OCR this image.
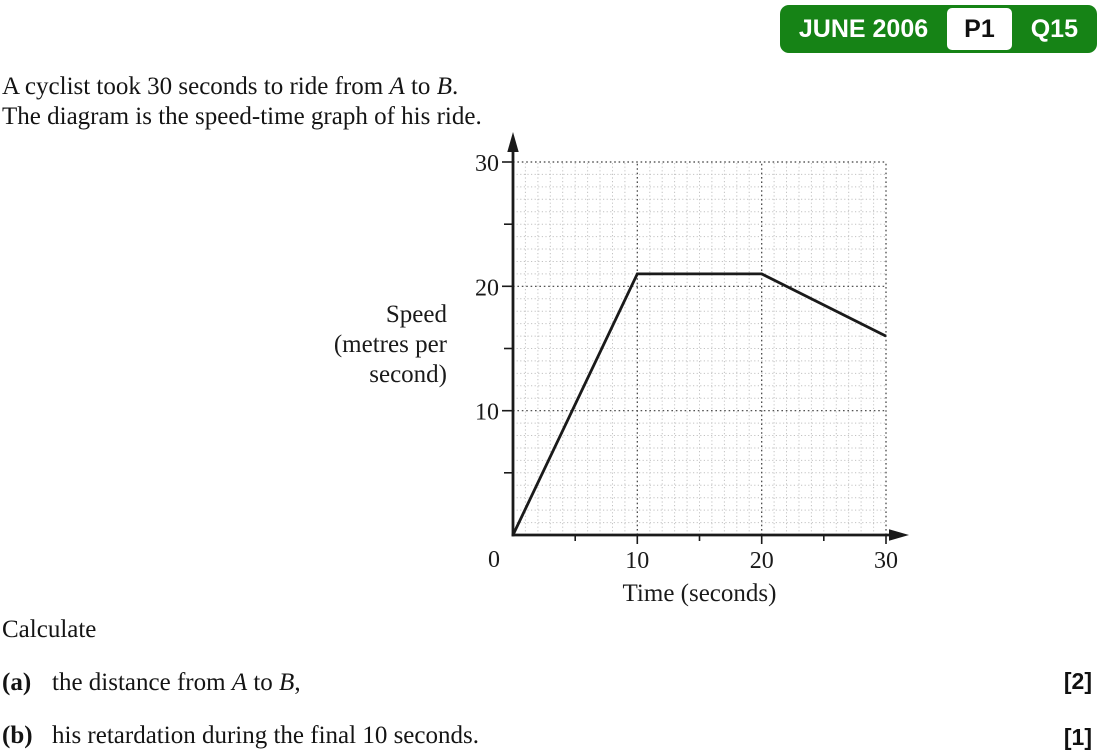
10
20
30
10	20	30
0
Time (seconds)
Speed
(metres per
second)
JUNE 2006	P1	Q15
A cyclist took 30 seconds to ride from A to B.
The diagram is the speed-time graph of his ride.
Calculate
(a) the distance from A to B,	[2]
(b) his retardation during the final 10 seconds.	[1]
